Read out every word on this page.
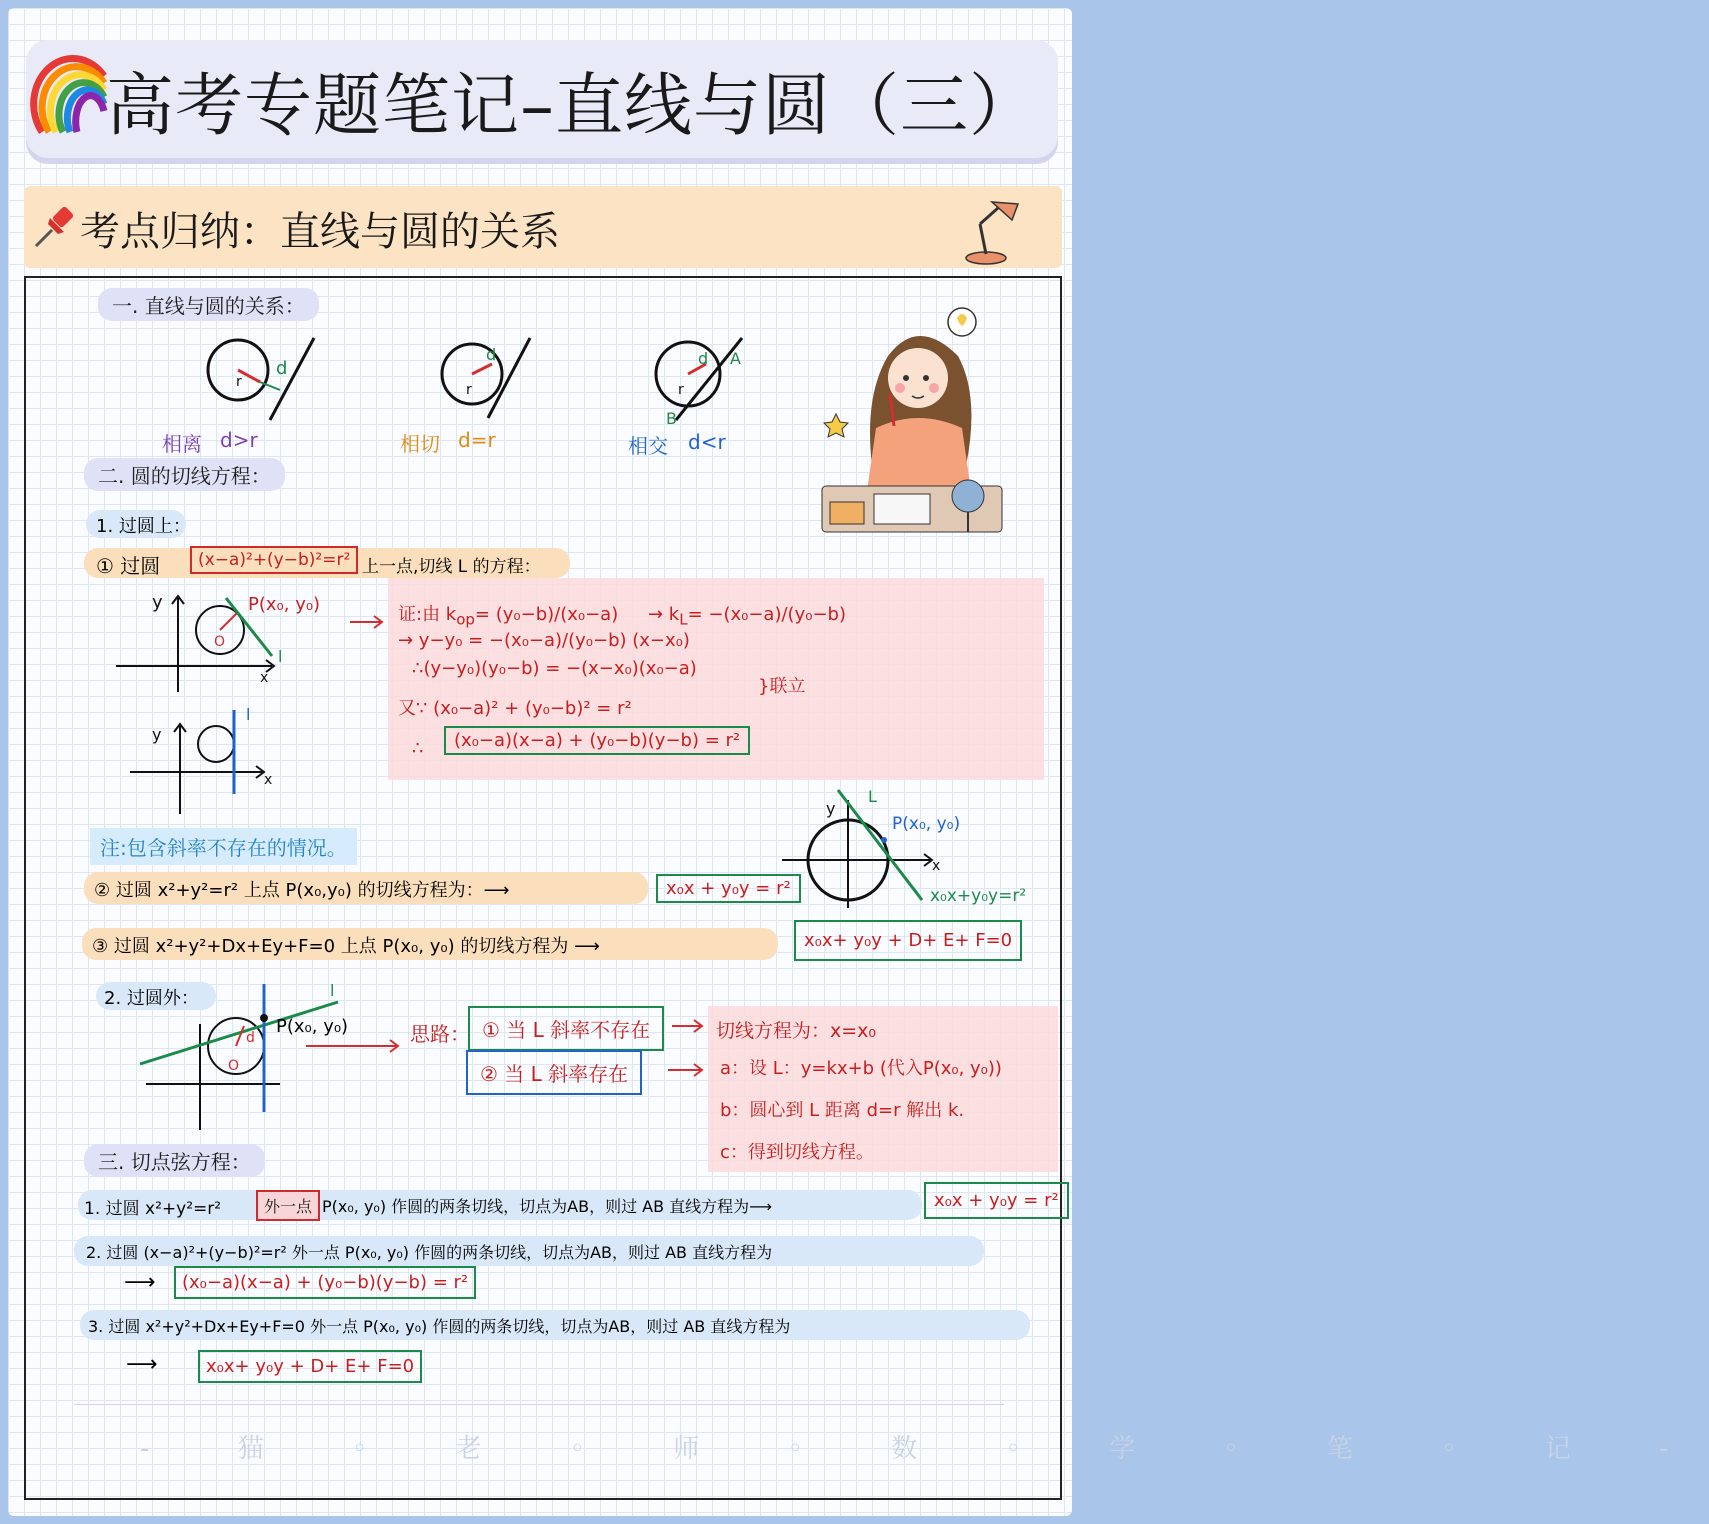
高考专题笔记–直线与圆（三）
考点归纳：直线与圆的关系
一. 直线与圆的关系：
r
d
相离 d>r
r
d
相切 d=r
r
d A
B
相交 d<r
二. 圆的切线方程：
1. 过圆上：
① 过圆	(x−a)²+(y−b)²=r² 上一点,切线 L 的方程：
y
x
O
l
P(x₀, y₀)
y
x
l
证:由 $k_{op}= (y_0-b)/(x_0-a) \to k_L= -(x_0-a)/(y_0-b)$
→ y−y₀ = −(x₀−a)/(y₀−b) (x−x₀)
∴(y−y₀)(y₀−b) = −(x−x₀)(x₀−a)
}联立
又∵ (x₀−a)² + (y₀−b)² = r²
∴	(x₀−a)(x−a) + (y₀−b)(y−b) = r²
注:包含斜率不存在的情况。
y
x
L
P(x₀, y₀)
x₀x+y₀y=r²
② 过圆 x²+y²=r² 上点 P(x₀,y₀) 的切线方程为：⟶	x₀x + y₀y = r²
③ 过圆 x²+y²+Dx+Ey+F=0 上点 P(x₀, y₀) 的切线方程为 ⟶	x₀x+ y₀y + D+ E+ F=0
2. 过圆外：	l
d
O
P(x₀, y₀)	思路： ① 当 L 斜率不存在	切线方程为：x=x₀
② 当 L 斜率存在	a：设 L：y=kx+b (代入P(x₀, y₀))
b：圆心到 L 距离 d=r 解出 k.
c：得到切线方程。
三. 切点弦方程：
1. 过圆 x²+y²=r²	外一点 P(x₀, y₀) 作圆的两条切线，切点为AB，则过 AB 直线方程为⟶	x₀x + y₀y = r²
2. 过圆 (x−a)²+(y−b)²=r² 外一点 P(x₀, y₀) 作圆的两条切线，切点为AB，则过 AB 直线方程为
⟶	(x₀−a)(x−a) + (y₀−b)(y−b) = r²
3. 过圆 x²+y²+Dx+Ey+F=0 外一点 P(x₀, y₀) 作圆的两条切线，切点为AB，则过 AB 直线方程为
⟶	x₀x+ y₀y + D+ E+ F=0
- 猫 ◦ 老 ◦ 师 ◦ 数 ◦ 学 ◦ 笔 ◦ 记 -
